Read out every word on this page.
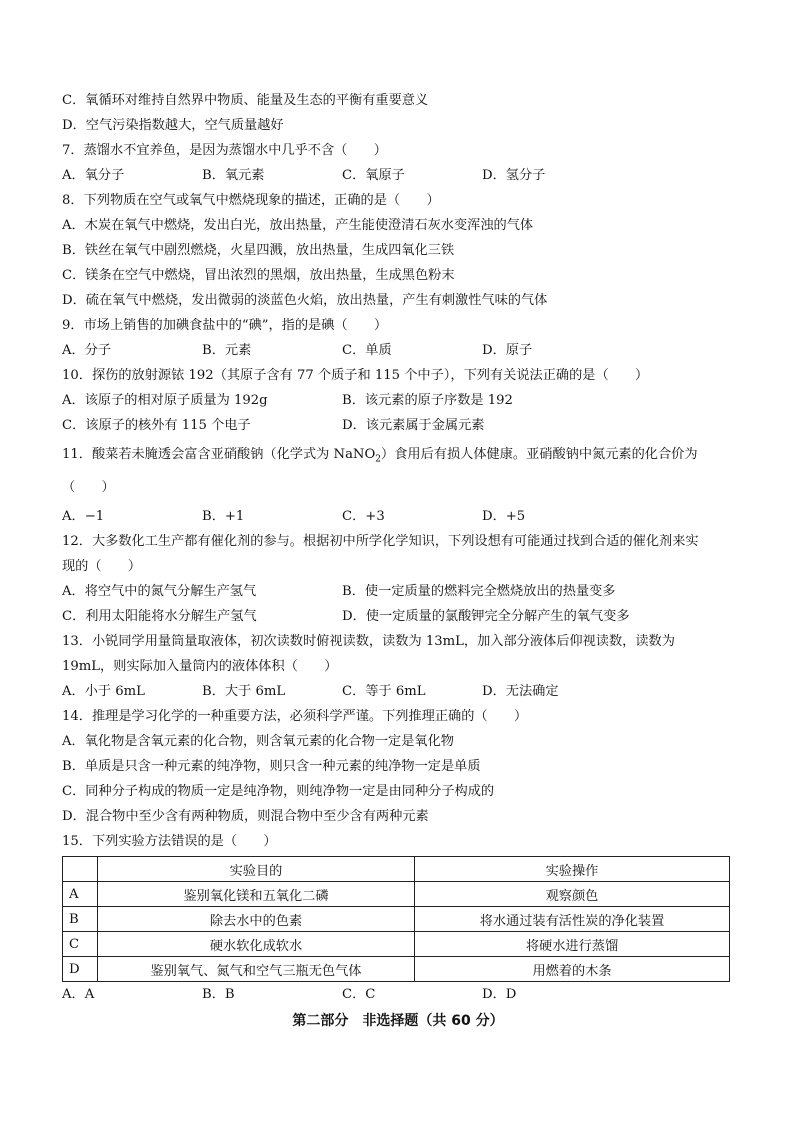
C．氧循环对维持自然界中物质、能量及生态的平衡有重要意义
D．空气污染指数越大，空气质量越好
7．蒸馏水不宜养鱼，是因为蒸馏水中几乎不含（　　）
A．氧分子	B．氧元素	C．氧原子	D．氢分子
8．下列物质在空气或氧气中燃烧现象的描述，正确的是（　　）
A．木炭在氧气中燃烧，发出白光，放出热量，产生能使澄清石灰水变浑浊的气体
B．铁丝在氧气中剧烈燃烧，火星四溅，放出热量，生成四氧化三铁
C．镁条在空气中燃烧，冒出浓烈的黑烟，放出热量，生成黑色粉末
D．硫在氧气中燃烧，发出微弱的淡蓝色火焰，放出热量，产生有刺激性气味的气体
9．市场上销售的加碘食盐中的“碘”，指的是碘（　　）
A．分子	B．元素	C．单质	D．原子
10．探伤的放射源铱 192（其原子含有 77 个质子和 115 个中子），下列有关说法正确的是（　　）
A．该原子的相对原子质量为 192g	B．该元素的原子序数是 192
C．该原子的核外有 115 个电子	D．该元素属于金属元素
11．酸菜若未腌透会富含亚硝酸钠（化学式为 NaNO$_2$）食用后有损人体健康。亚硝酸钠中氮元素的化合价为
（　　）
A．−1	B．+1	C．+3	D．+5
12．大多数化工生产都有催化剂的参与。根据初中所学化学知识，下列设想有可能通过找到合适的催化剂来实
现的（　　）
A．将空气中的氮气分解生产氢气	B．使一定质量的燃料完全燃烧放出的热量变多
C．利用太阳能将水分解生产氢气	D．使一定质量的氯酸钾完全分解产生的氧气变多
13．小锐同学用量筒量取液体，初次读数时俯视读数，读数为 13mL，加入部分液体后仰视读数，读数为
19mL，则实际加入量筒内的液体体积（　　）
A．小于 6mL	B．大于 6mL	C．等于 6mL	D．无法确定
14．推理是学习化学的一种重要方法，必须科学严谨。下列推理正确的（　　）
A．氧化物是含氧元素的化合物，则含氧元素的化合物一定是氧化物
B．单质是只含一种元素的纯净物，则只含一种元素的纯净物一定是单质
C．同种分子构成的物质一定是纯净物，则纯净物一定是由同种分子构成的
D．混合物中至少含有两种物质，则混合物中至少含有两种元素
15．下列实验方法错误的是（　　）
	实验目的	实验操作
A	鉴别氧化镁和五氧化二磷	观察颜色
B	除去水中的色素	将水通过装有活性炭的净化装置
C	硬水软化成软水	将硬水进行蒸馏
D	鉴别氧气、氮气和空气三瓶无色气体	用燃着的木条
A．A	B．B	C．C	D．D
第二部分　非选择题（共 60 分）
